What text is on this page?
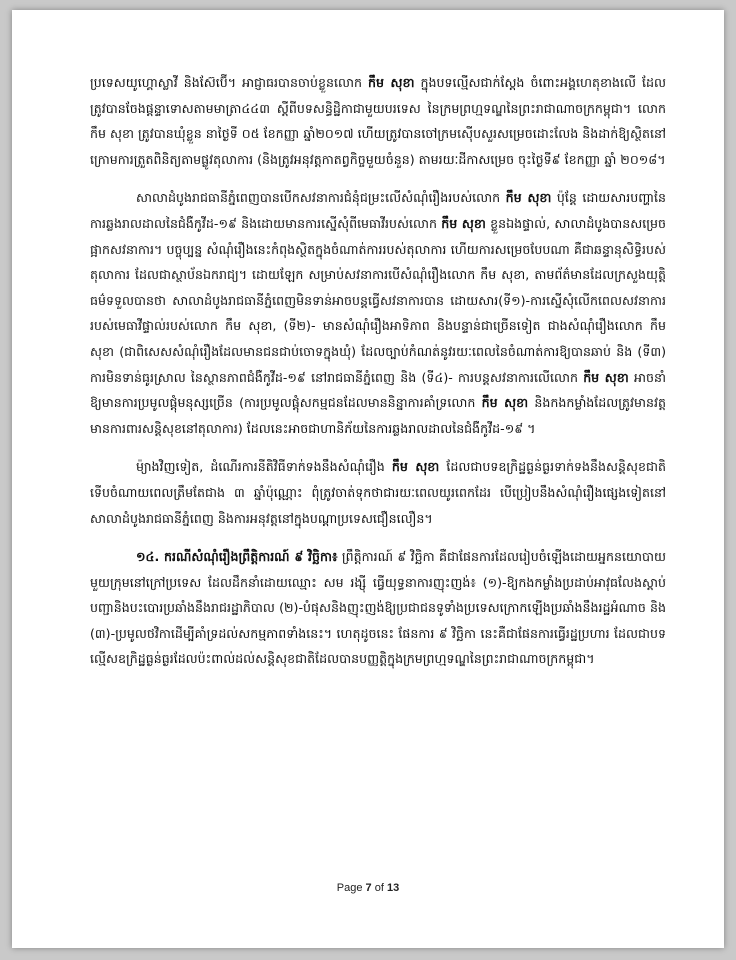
ប្រទេសយូហ្គោស្លាវី និងស៊ែប៊ើ។ អាជ្ញាធរបានចាប់ខ្លួនលោក កឹម សុខា ក្នុងបទល្មើសជាក់ស្តែង ចំពោះអង្គហេតុខាងលើ ដែលត្រូវបានចែងផ្តន្ទាទោសតាមមាត្រា៤៤៣ ស្តីពីបទសន្ធិដ្ឋិកាជាមួយបរទេស នៃក្រមព្រហ្មទណ្ឌនៃព្រះរាជាណាចក្រកម្ពុជា។ លោក កឹម សុខា ត្រូវបានឃុំខ្លួន នាថ្ងៃទី ០៥ ខែកញ្ញា ឆ្នាំ២០១៧ ហើយត្រូវបានចៅក្រមស៊ើបសួរសម្រេចដោះលែង និងដាក់ឱ្យស្ថិតនៅក្រោមការត្រួតពិនិត្យតាមផ្លូវតុលាការ (និងត្រូវអនុវត្តកាតព្វកិច្ចមួយចំនួន) តាមរយៈដីកាសម្រេច ចុះថ្ងៃទី៩ ខែកញ្ញា ឆ្នាំ ២០១៨។

សាលាដំបូងរាជធានីភ្នំពេញបានបើកសវនាការជំនុំជម្រះលើសំណុំរឿងរបស់លោក កឹម សុខា ប៉ុន្តែ ដោយសារបញ្ហានៃការឆ្លងរាលដាលនៃជំងឺកូវីដ-១៩ និងដោយមានការស្នើសុំពីមេធាវីរបស់លោក កឹម សុខា ខ្លួនឯងផ្ទាល់, សាលាដំបូងបានសម្រេចផ្អាកសវនាការ។ បច្ចុប្បន្ន សំណុំរឿងនេះកំពុងស្ថិតក្នុងចំណាត់ការរបស់តុលាការ ហើយការសម្រេចបែបណា គឺជាឆន្ទានុសិទ្ធិរបស់តុលាការ ដែលជាស្ថាប័នឯករាជ្យ។ ដោយឡែក សម្រាប់សវនាការបើសំណុំរឿងលោក កឹម សុខា, តាមព័ត៌មានដែលក្រសួងយុត្តិធម៌ទទួលបានថា សាលាដំបូងរាជធានីភ្នំពេញមិនទាន់អាចបន្តធ្វើសវនាការបាន ដោយសារ(ទី១)-ការស្នើសុំលើកពេលសវនាការរបស់មេធាវីផ្ទាល់របស់លោក កឹម សុខា, (ទី២)- មានសំណុំរឿងអាទិភាព និងបន្ទាន់ជាច្រើនទៀត ជាងសំណុំរឿងលោក កឹម សុខា (ជាពិសេសសំណុំរឿងដែលមានជនជាប់ចោទក្នុងឃុំ) ដែលច្បាប់កំណត់នូវរយៈពេលនៃចំណាត់ការឱ្យបានឆាប់ និង (ទី៣) ការមិនទាន់ធូរស្រាល នៃស្ថានភាពជំងឺកូវីដ-១៩ នៅរាជធានីភ្នំពេញ និង (ទី៤)- ការបន្តសវនាការលើលោក កឹម សុខា អាចនាំឱ្យមានការប្រមូលផ្តុំមនុស្សច្រើន (ការប្រមូលផ្តុំសកម្មជនដែលមាននិន្នាការគាំទ្រលោក កឹម សុខា និងកងកម្លាំងដែលត្រូវមានវត្តមានការពារសន្តិសុខនៅតុលាការ) ដែលនេះអាចជាហានិភ័យនៃការឆ្លងរាលដាលនៃជំងឺកូវីដ-១៩ ។

ម៉្យាងវិញទៀត, ដំណើរការនីតិវិធីទាក់ទងនឹងសំណុំរឿង កឹម សុខា ដែលជាបទឧក្រិដ្ឋធ្ងន់ធ្ងរទាក់ទងនឹងសន្តិសុខជាតិ ទើបចំណាយពេលត្រឹមតែជាង ៣ ឆ្នាំប៉ុណ្ណោះ ពុំត្រូវចាត់ទុកថាជារយៈពេលយូរពេកដែរ បើប្រៀបនឹងសំណុំរឿងផ្សេងទៀតនៅសាលាដំបូងរាជធានីភ្នំពេញ និងការអនុវត្តនៅក្នុងបណ្តាប្រទេសជឿនលឿន។

១៤. ករណីសំណុំរឿងព្រឹត្តិការណ៍ ៩ វិច្ឆិកា៖ ព្រឹត្តិការណ៍ ៩ វិច្ឆិកា គឺជាផែនការដែលរៀបចំឡើងដោយអ្នកនយោបាយមួយក្រុមនៅក្រៅប្រទេស ដែលដឹកនាំដោយឈ្មោះ សម រង្ស៊ី ធ្វើយុទ្ធនាការញុះញង់៖ (១)-ឱ្យកងកម្លាំងប្រដាប់អាវុធលែងស្តាប់បញ្ជានិងបះបោរប្រឆាំងនឹងរាជរដ្ឋាភិបាល (២)-បំផុសនិងញុះញង់ឱ្យប្រជាជនទូទាំងប្រទេសក្រោកឡើងប្រឆាំងនឹងរដ្ឋអំណាច និង (៣)-ប្រមូលថវិកាដើម្បីគាំទ្រដល់សកម្មភាពទាំងនេះ។ ហេតុដូចនេះ ផែនការ ៩ វិច្ឆិកា នេះគឺជាផែនការធ្វើរដ្ឋប្រហារ ដែលជាបទល្មើសឧក្រិដ្ឋធ្ងន់ធ្ងរដែលប៉ះពាល់ដល់សន្តិសុខជាតិដែលបានបញ្ញត្តិក្នុងក្រមព្រហ្មទណ្ឌនៃព្រះរាជាណាចក្រកម្ពុជា។

Page 7 of 13
